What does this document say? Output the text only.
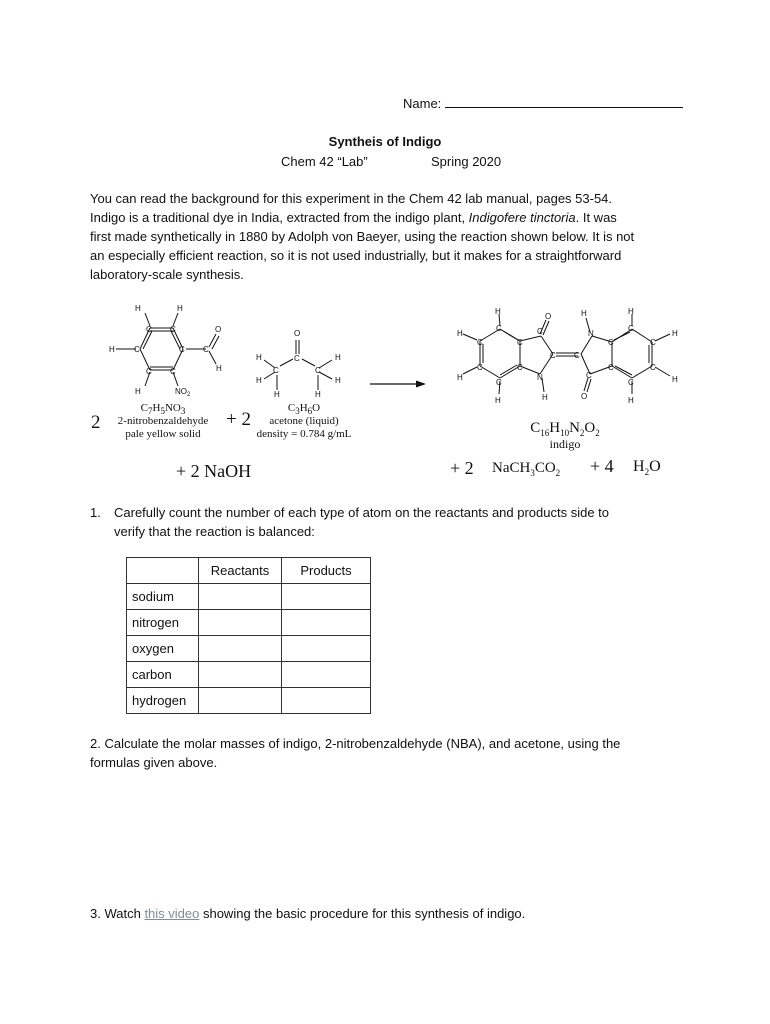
Name:
Syntheis of Indigo
Chem 42 “Lab”	Spring 2020
You can read the background for this experiment in the Chem 42 lab manual, pages 53-54.
Indigo is a traditional dye in India, extracted from the indigo plant, Indigofere tinctoria. It was
first made synthetically in 1880 by Adolph von Baeyer, using the reaction shown below. It is not
an especially efficient reaction, so it is not used industrially, but it makes for a straightforward
laboratory-scale synthesis.
H	H
C C
H C	C C
O
H
C C
H	$NO_2$
O
C
H	H
C	C
H	H
H	H
H
O	H	H
H
C	C	N
C
H
C	C	C	C
C C
C	C
N	C
C	C
H	H
C	C
H	O
H	H
2
$C_7H_5NO_3$
2-nitrobenzaldehyde
pale yellow solid
+ 2
$C_3H_6O$
acetone (liquid)
density = 0.784 g/mL	$C_{16}H_{10}N_2O_2$
indigo
+ 2 NaOH	+ 2 $NaCH_3CO_2 + 4$ $H_2O$
1. Carefully count the number of each type of atom on the reactants and products side to
verify that the reaction is balanced:
	Reactants	Products
sodium		
nitrogen		
oxygen		
carbon		
hydrogen		
2. Calculate the molar masses of indigo, 2-nitrobenzaldehyde (NBA), and acetone, using the
formulas given above.
3. Watch this video showing the basic procedure for this synthesis of indigo.
